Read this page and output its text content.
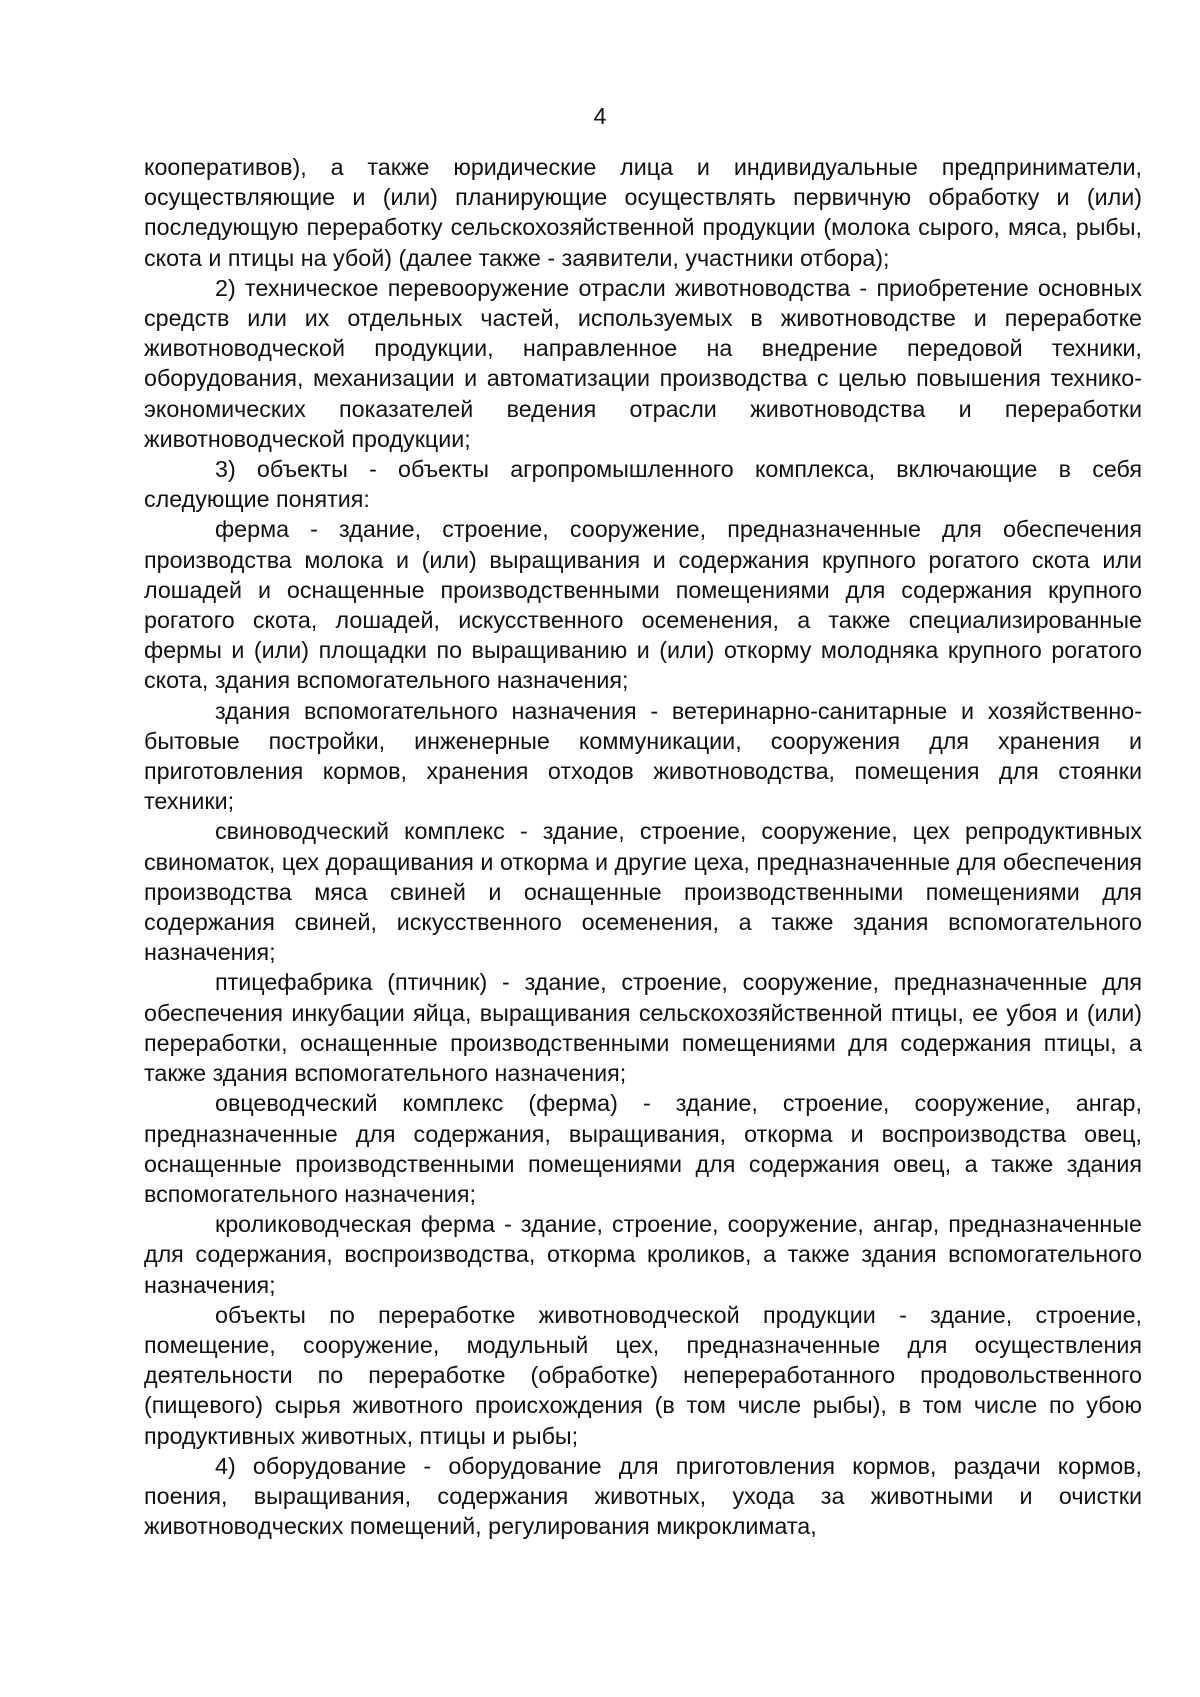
4

кооперативов), а также юридические лица и индивидуальные предприниматели, осуществляющие и (или) планирующие осуществлять первичную обработку и (или) последующую переработку сельскохозяйственной продукции (молока сырого, мяса, рыбы, скота и птицы на убой) (далее также - заявители, участники отбора);

2) техническое перевооружение отрасли животноводства - приобретение основных средств или их отдельных частей, используемых в животноводстве и переработке животноводческой продукции, направленное на внедрение передовой техники, оборудования, механизации и автоматизации производства с целью повышения технико-экономических показателей ведения отрасли животноводства и переработки животноводческой продукции;

3) объекты - объекты агропромышленного комплекса, включающие в себя следующие понятия:

ферма - здание, строение, сооружение, предназначенные для обеспечения производства молока и (или) выращивания и содержания крупного рогатого скота или лошадей и оснащенные производственными помещениями для содержания крупного рогатого скота, лошадей, искусственного осеменения, а также специализированные фермы и (или) площадки по выращиванию и (или) откорму молодняка крупного рогатого скота, здания вспомогательного назначения;

здания вспомогательного назначения - ветеринарно-санитарные и хозяйственно-бытовые постройки, инженерные коммуникации, сооружения для хранения и приготовления кормов, хранения отходов животноводства, помещения для стоянки техники;

свиноводческий комплекс - здание, строение, сооружение, цех репродуктивных свиноматок, цех доращивания и откорма и другие цеха, предназначенные для обеспечения производства мяса свиней и оснащенные производственными помещениями для содержания свиней, искусственного осеменения, а также здания вспомогательного назначения;

птицефабрика (птичник) - здание, строение, сооружение, предназначенные для обеспечения инкубации яйца, выращивания сельскохозяйственной птицы, ее убоя и (или) переработки, оснащенные производственными помещениями для содержания птицы, а также здания вспомогательного назначения;

овцеводческий комплекс (ферма) - здание, строение, сооружение, ангар, предназначенные для содержания, выращивания, откорма и воспроизводства овец, оснащенные производственными помещениями для содержания овец, а также здания вспомогательного назначения;

кролиководческая ферма - здание, строение, сооружение, ангар, предназначенные для содержания, воспроизводства, откорма кроликов, а также здания вспомогательного назначения;

объекты по переработке животноводческой продукции - здание, строение, помещение, сооружение, модульный цех, предназначенные для осуществления деятельности по переработке (обработке) непереработанного продовольственного (пищевого) сырья животного происхождения (в том числе рыбы), в том числе по убою продуктивных животных, птицы и рыбы;

4) оборудование - оборудование для приготовления кормов, раздачи кормов, поения, выращивания, содержания животных, ухода за животными и очистки животноводческих помещений, регулирования микроклимата,
